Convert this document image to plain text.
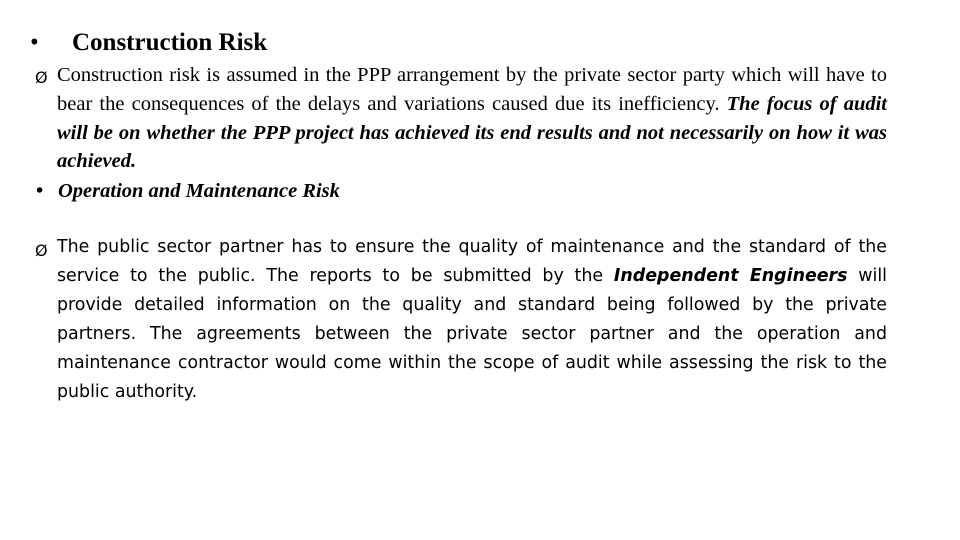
• Construction Risk
Ø Construction risk is assumed in the PPP arrangement by the private sector party which will have to bear the consequences of the delays and variations caused due its inefficiency. The focus of audit will be on whether the PPP project has achieved its end results and not necessarily on how it was achieved.
• Operation and Maintenance Risk
Ø The public sector partner has to ensure the quality of maintenance and the standard of the service to the public. The reports to be submitted by the Independent Engineers will provide detailed information on the quality and standard being followed by the private partners. The agreements between the private sector partner and the operation and maintenance contractor would come within the scope of audit while assessing the risk to the public authority.
